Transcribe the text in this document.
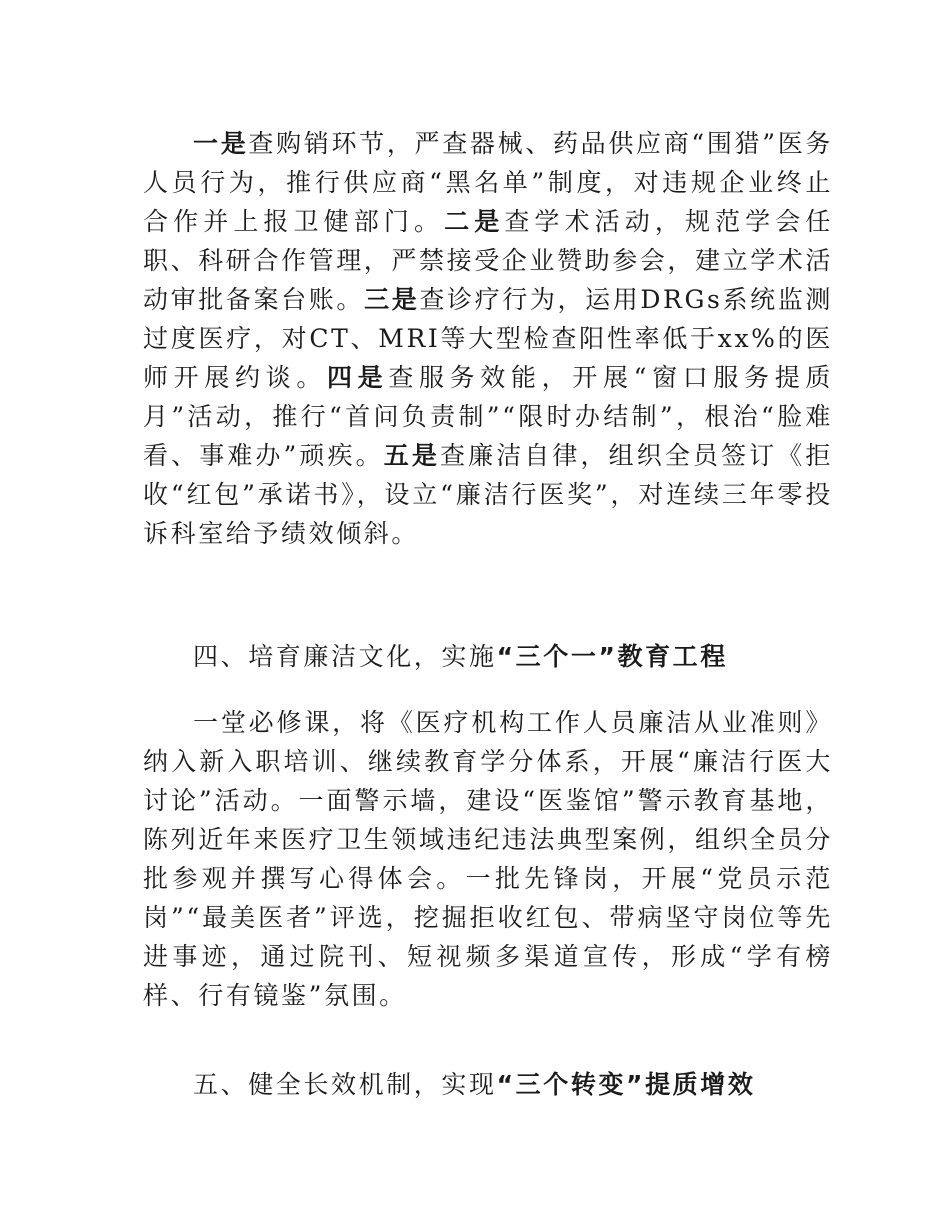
一是查购销环节，严查器械、药品供应商“围猎”医务人员行为，推行供应商“黑名单”制度，对违规企业终止合作并上报卫健部门。二是查学术活动，规范学会任职、科研合作管理，严禁接受企业赞助参会，建立学术活动审批备案台账。三是查诊疗行为，运用DRGs系统监测过度医疗，对CT、MRI等大型检查阳性率低于xx%的医师开展约谈。四是查服务效能，开展“窗口服务提质月”活动，推行“首问负责制”“限时办结制”，根治“脸难看、事难办”顽疾。五是查廉洁自律，组织全员签订《拒收“红包”承诺书》，设立“廉洁行医奖”，对连续三年零投诉科室给予绩效倾斜。

四、培育廉洁文化，实施“三个一”教育工程

一堂必修课，将《医疗机构工作人员廉洁从业准则》纳入新入职培训、继续教育学分体系，开展“廉洁行医大讨论”活动。一面警示墙，建设“医鉴馆”警示教育基地，陈列近年来医疗卫生领域违纪违法典型案例，组织全员分批参观并撰写心得体会。一批先锋岗，开展“党员示范岗”“最美医者”评选，挖掘拒收红包、带病坚守岗位等先进事迹，通过院刊、短视频多渠道宣传，形成“学有榜样、行有镜鉴”氛围。

五、健全长效机制，实现“三个转变”提质增效
